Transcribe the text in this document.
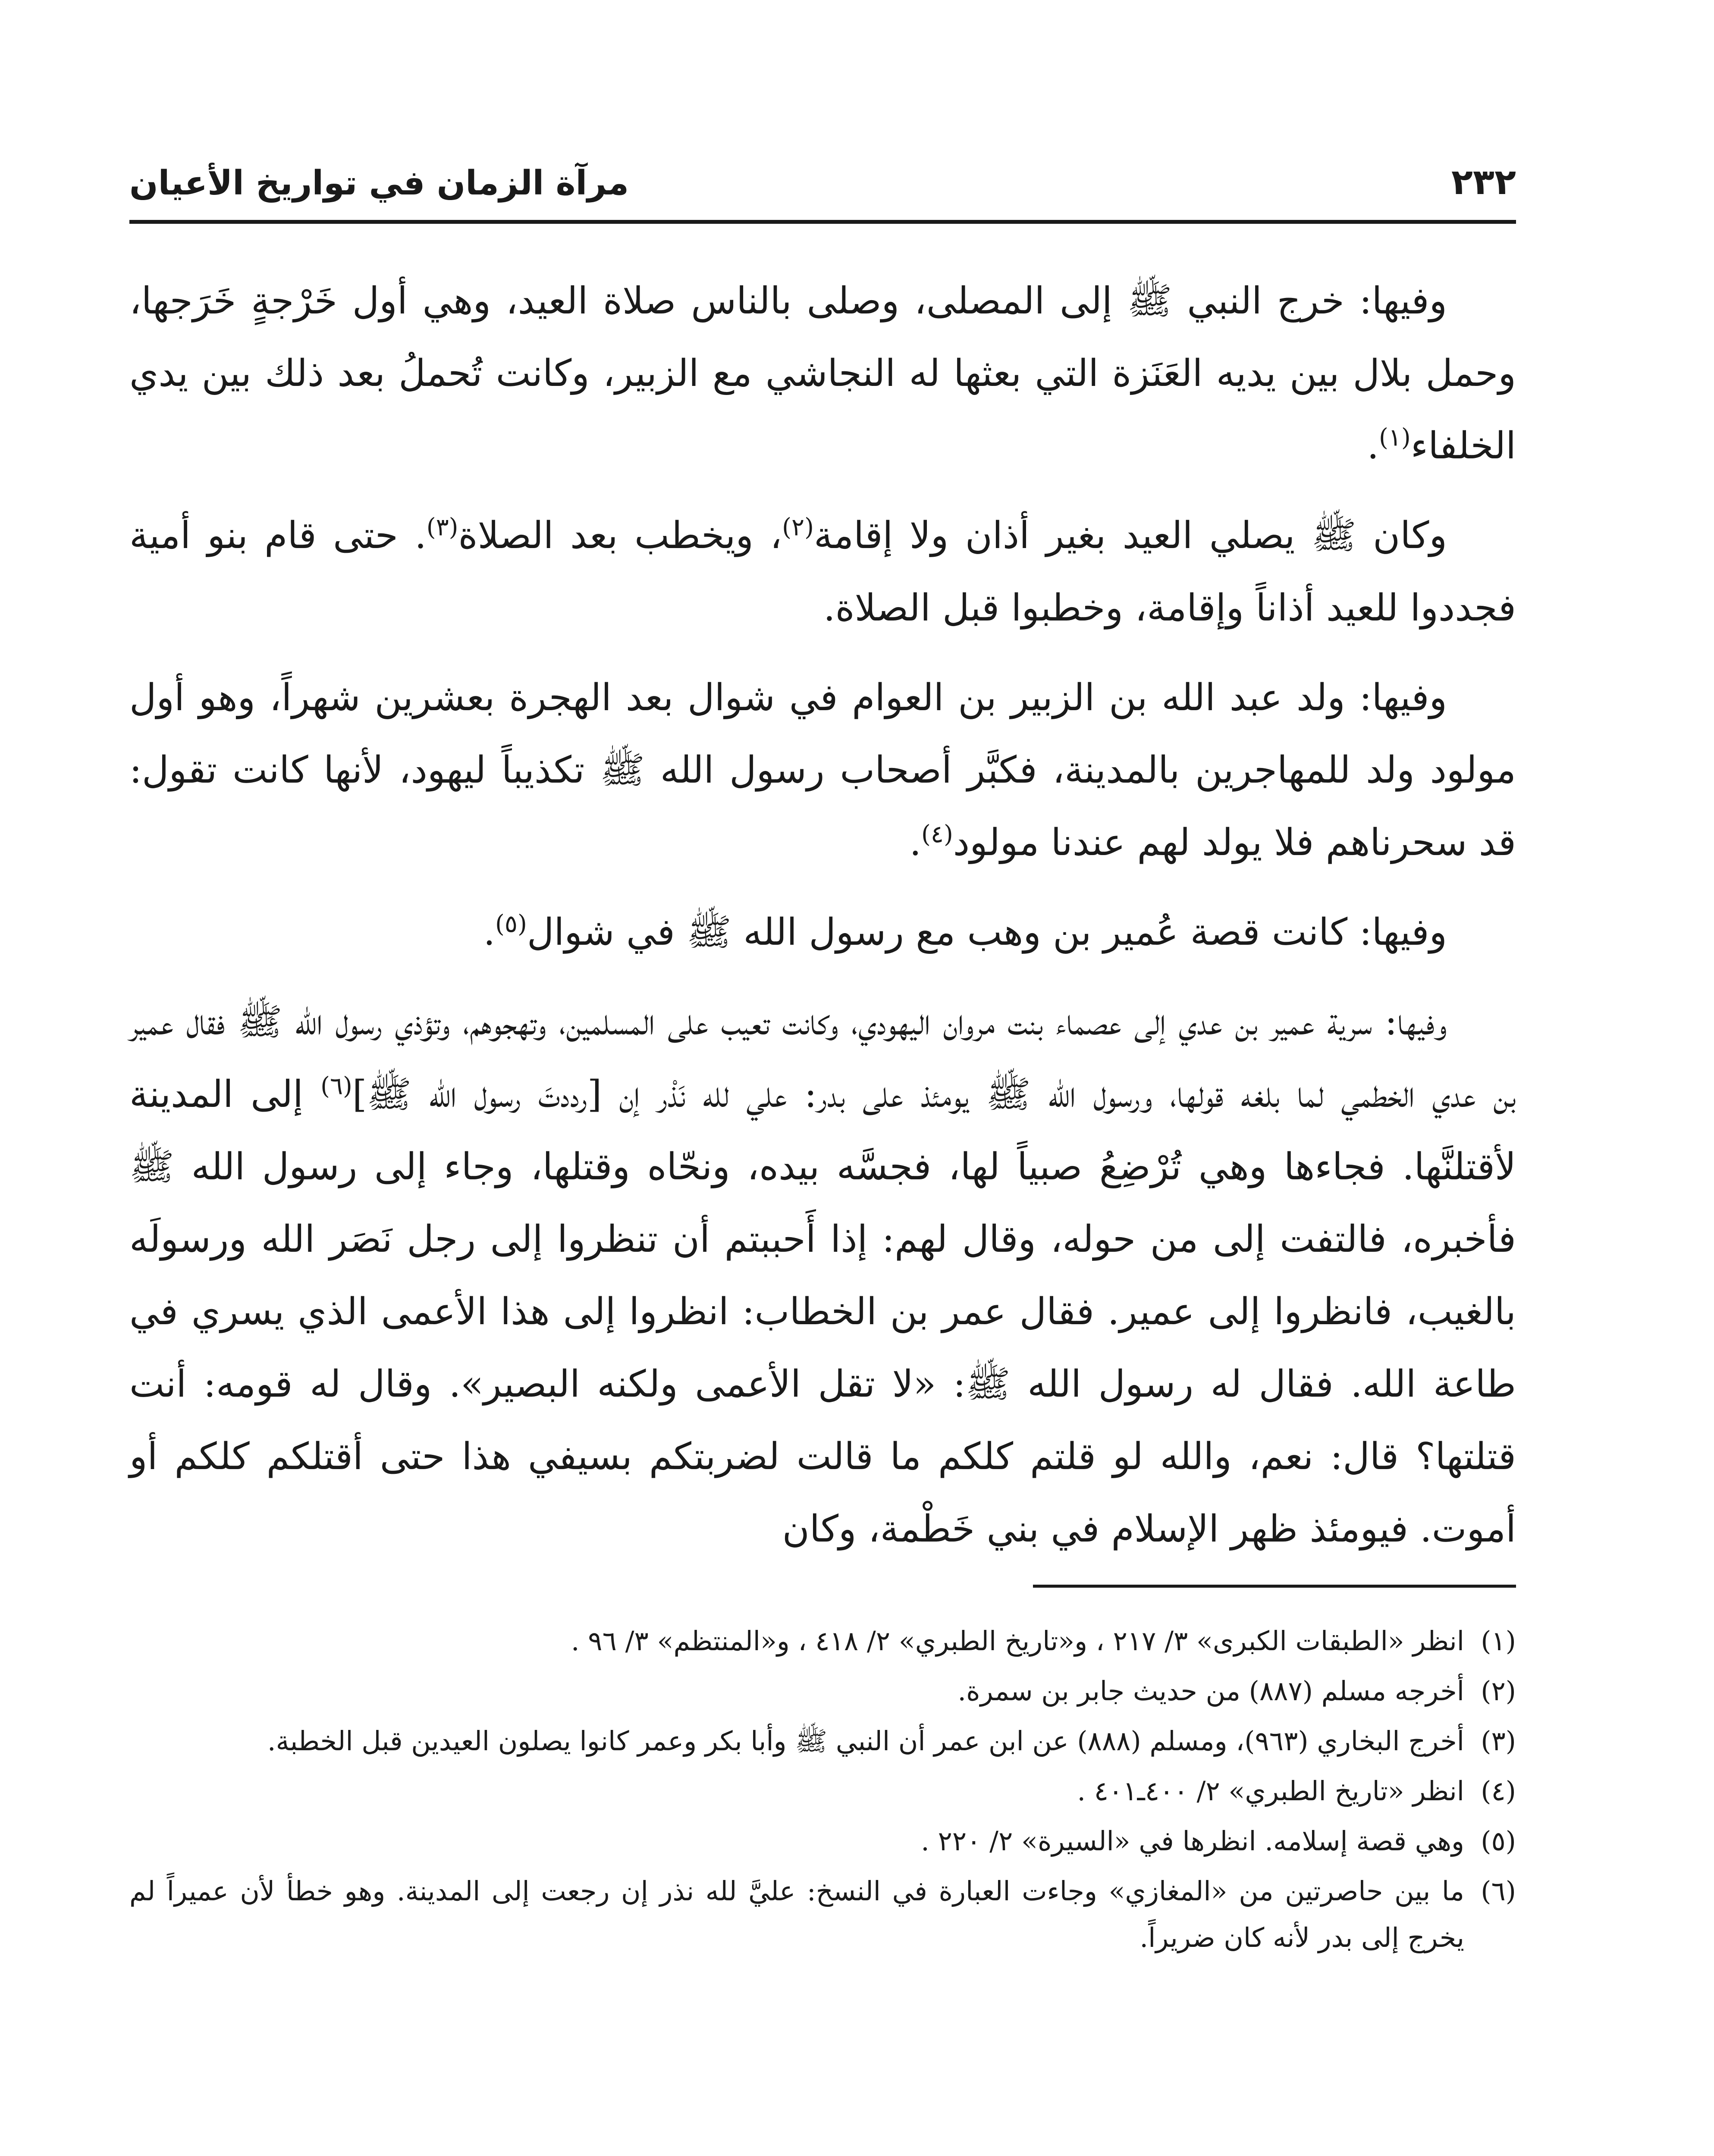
٢٣٢
مرآة الزمان في تواريخ الأعيان

وفيها: خرج النبي ﷺ إلى المصلى، وصلى بالناس صلاة العيد، وهي أول خَرْجةٍ خَرَجها، وحمل بلال بين يديه العَنَزة التي بعثها له النجاشي مع الزبير، وكانت تُحملُ بعد ذلك بين يدي الخلفاء$^{(١)}$.

وكان ﷺ يصلي العيد بغير أذان ولا إقامة$^{(٢)}$، ويخطب بعد الصلاة$^{(٣)}$. حتى قام بنو أمية فجددوا للعيد أذاناً وإقامة، وخطبوا قبل الصلاة.

وفيها: ولد عبد الله بن الزبير بن العوام في شوال بعد الهجرة بعشرين شهراً، وهو أول مولود ولد للمهاجرين بالمدينة، فكبَّر أصحاب رسول الله ﷺ تكذيباً ليهود، لأنها كانت تقول: قد سحرناهم فلا يولد لهم عندنا مولود$^{(٤)}$.

وفيها: كانت قصة عُمير بن وهب مع رسول الله ﷺ في شوال$^{(٥)}$.

وفيها: سرية عمير بن عدي إلى عصماء بنت مروان اليهودي، وكانت تعيب على المسلمين، وتهجوهم، وتؤذي رسول الله ﷺ فقال عمير بن عدي الخطمي لما بلغه قولها، ورسول الله ﷺ يومئذ على بدر: علي لله نَذْر إن [رددتَ رسول الله ﷺ]$^{(٦)}$ إلى المدينة لأقتلنَّها. فجاءها وهي تُرْضِعُ صبياً لها، فجسَّه بيده، ونحّاه وقتلها، وجاء إلى رسول الله ﷺ فأخبره، فالتفت إلى من حوله، وقال لهم: إذا أَحببتم أن تنظروا إلى رجل نَصَر الله ورسولَه بالغيب، فانظروا إلى عمير. فقال عمر بن الخطاب: انظروا إلى هذا الأعمى الذي يسري في طاعة الله. فقال له رسول الله ﷺ: «لا تقل الأعمى ولكنه البصير». وقال له قومه: أنت قتلتها؟ قال: نعم، والله لو قلتم كلكم ما قالت لضربتكم بسيفي هذا حتى أقتلكم كلكم أو أموت. فيومئذ ظهر الإسلام في بني خَطْمة، وكان

(١)
انظر «الطبقات الكبرى» ٣/ ٢١٧ ، و«تاريخ الطبري» ٢/ ٤١٨ ، و«المنتظم» ٣/ ٩٦ .
(٢)
أخرجه مسلم (٨٨٧) من حديث جابر بن سمرة.
(٣)
أخرج البخاري (٩٦٣)، ومسلم (٨٨٨) عن ابن عمر أن النبي ﷺ وأبا بكر وعمر كانوا يصلون العيدين قبل الخطبة.
(٤)
انظر «تاريخ الطبري» ٢/ ٤٠٠ـ٤٠١ .
(٥)
وهي قصة إسلامه. انظرها في «السيرة» ٢/ ٢٢٠ .
(٦)
ما بين حاصرتين من «المغازي» وجاءت العبارة في النسخ: عليَّ لله نذر إن رجعت إلى المدينة. وهو خطأ لأن عميراً لم يخرج إلى بدر لأنه كان ضريراً.
